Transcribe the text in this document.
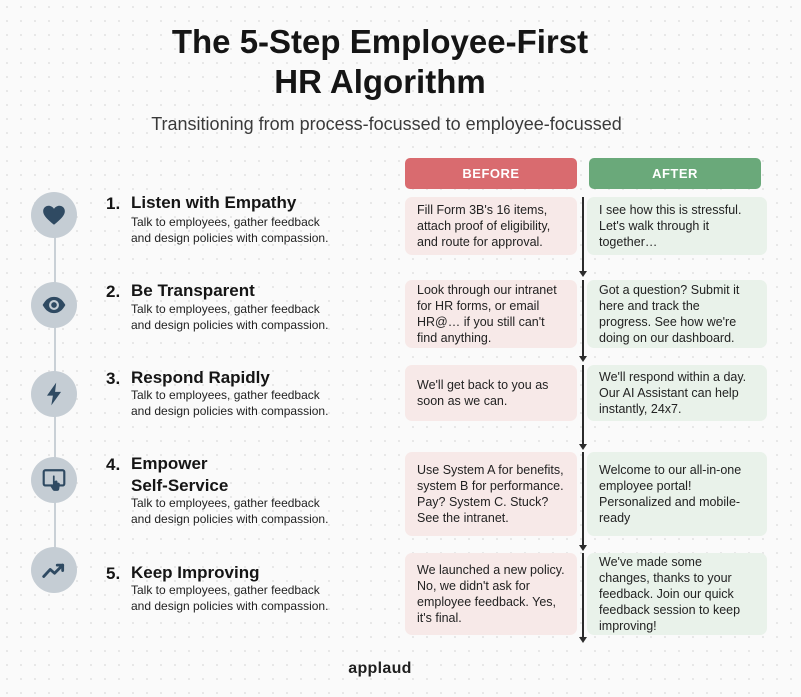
The 5-Step Employee-First
HR Algorithm
Transitioning from process-focussed to employee-focussed
BEFORE	AFTER
1. Listen with Empathy
Talk to employees, gather feedback and design policies with compassion.
2. Be Transparent
Talk to employees, gather feedback and design policies with compassion.
3. Respond Rapidly
Talk to employees, gather feedback and design policies with compassion.
4. Empower
Self-Service
Talk to employees, gather feedback and design policies with compassion.
5. Keep Improving
Talk to employees, gather feedback and design policies with compassion.
Fill Form 3B's 16 items, attach proof of eligibility, and route for approval.
I see how this is stressful. Let's walk through it together…
Look through our intranet for HR forms, or email HR@… if you still can't find anything.
Got a question? Submit it here and track the progress. See how we're doing on our dashboard.
We'll get back to you as soon as we can.
We'll respond within a day. Our AI Assistant can help instantly, 24x7.
Use System A for benefits, system B for performance. Pay? System C. Stuck? See the intranet.
Welcome to our all-in-one employee portal! Personalized and mobile-ready
We launched a new policy. No, we didn't ask for employee feedback. Yes, it's final.
We've made some changes, thanks to your feedback. Join our quick feedback session to keep improving!
applaud
